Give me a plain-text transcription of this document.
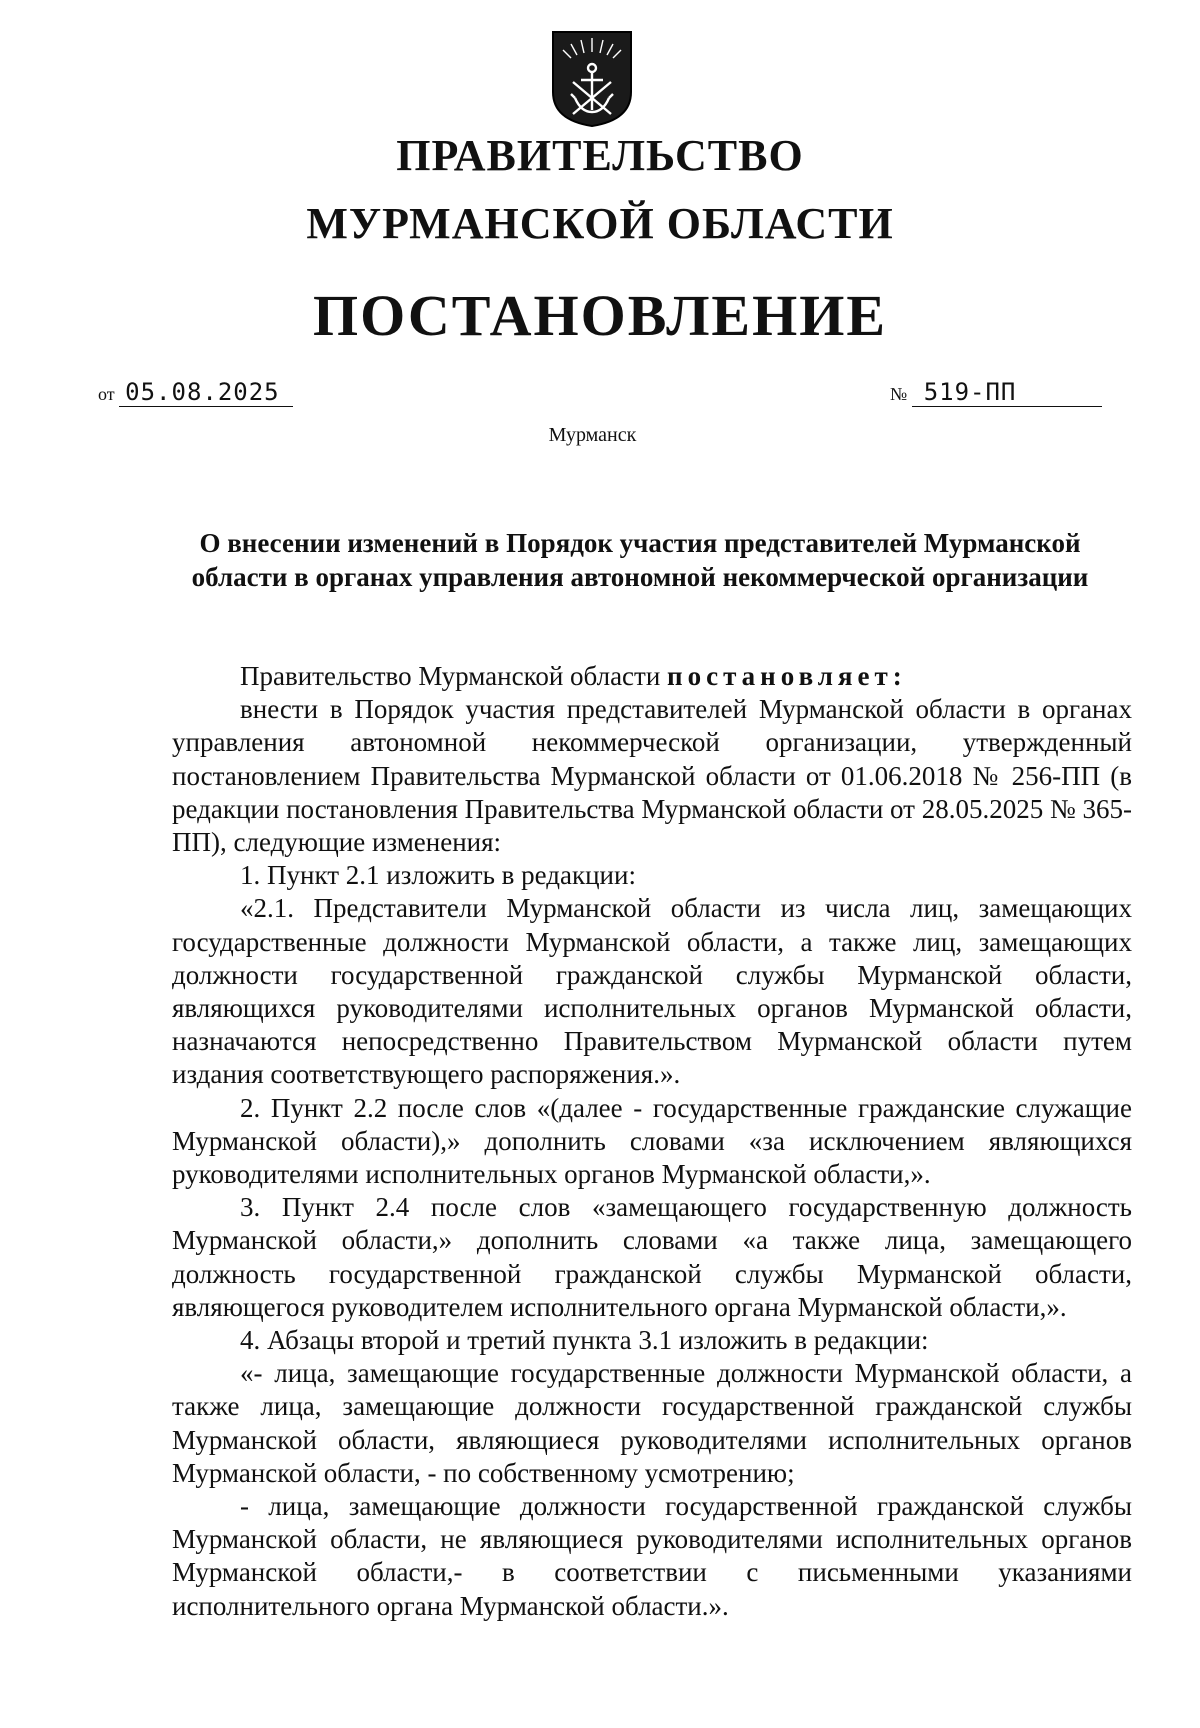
ПРАВИТЕЛЬСТВО
МУРМАНСКОЙ ОБЛАСТИ
ПОСТАНОВЛЕНИЕ
от 05.08.2025	№ 519-ПП
Мурманск
О внесении изменений в Порядок участия представителей Мурманской
области в органах управления автономной некоммерческой организации

Правительство Мурманской области постановляет:

внести в Порядок участия представителей Мурманской области в органах управления автономной некоммерческой организации, утвержденный постановлением Правительства Мурманской области от 01.06.2018 № 256-ПП (в редакции постановления Правительства Мурманской области от 28.05.2025 № 365-ПП), следующие изменения:

1. Пункт 2.1 изложить в редакции:

«2.1. Представители Мурманской области из числа лиц, замещающих государственные должности Мурманской области, а также лиц, замещающих должности государственной гражданской службы Мурманской области, являющихся руководителями исполнительных органов Мурманской области, назначаются непосредственно Правительством Мурманской области путем издания соответствующего распоряжения.».

2. Пункт 2.2 после слов «(далее - государственные гражданские служащие Мурманской области),» дополнить словами «за исключением являющихся руководителями исполнительных органов Мурманской области,».

3. Пункт 2.4 после слов «замещающего государственную должность Мурманской области,» дополнить словами «а также лица, замещающего должность государственной гражданской службы Мурманской области, являющегося руководителем исполнительного органа Мурманской области,».

4. Абзацы второй и третий пункта 3.1 изложить в редакции:

«- лица, замещающие государственные должности Мурманской области, а также лица, замещающие должности государственной гражданской службы Мурманской области, являющиеся руководителями исполнительных органов Мурманской области, - по собственному усмотрению;

- лица, замещающие должности государственной гражданской службы Мурманской области, не являющиеся руководителями исполнительных органов Мурманской области,- в соответствии с письменными указаниями исполнительного органа Мурманской области.».
